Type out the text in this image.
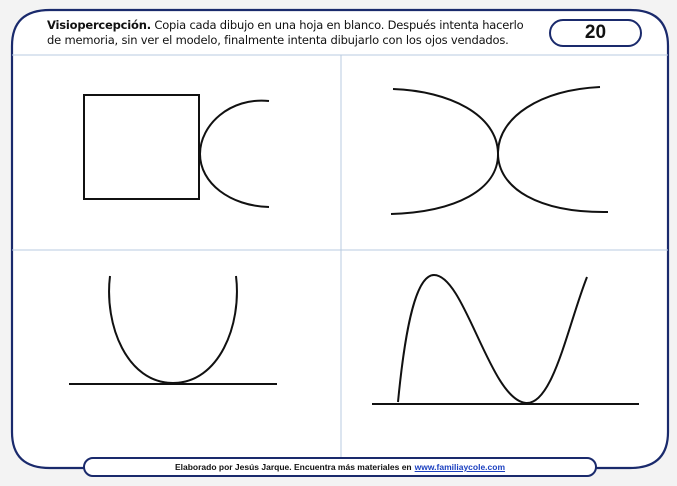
Visiopercepción. Copia cada dibujo en una hoja en blanco. Después intenta hacerlo de memoria, sin ver el modelo, finalmente intenta dibujarlo con los ojos vendados.	20
Elaborado por Jesús Jarque. Encuentra más materiales en www.familiaycole.com
